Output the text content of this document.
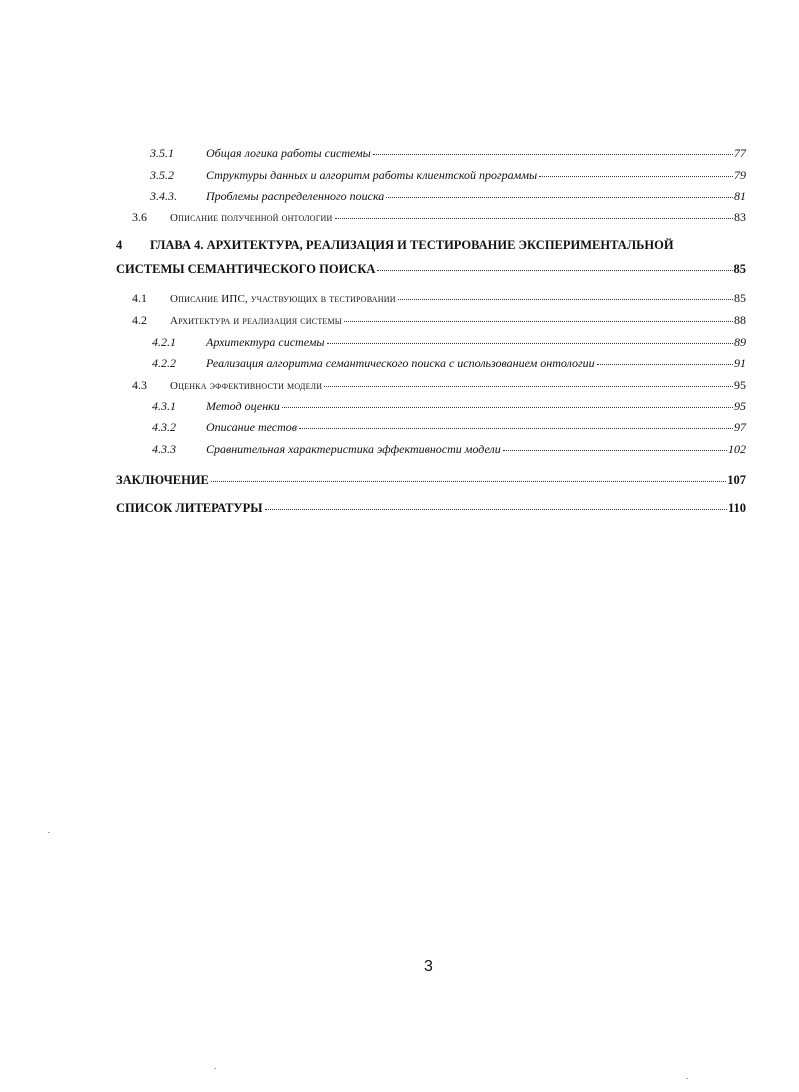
3.5.1	Общая логика работы системы	77
3.5.2	Структуры данных и алгоритм работы клиентской программы	79
3.4.3.	Проблемы распределенного поиска	81
3.6	Описание полученной онтологии	83
4 ГЛАВА 4. АРХИТЕКТУРА, РЕАЛИЗАЦИЯ И ТЕСТИРОВАНИЕ ЭКСПЕРИМЕНТАЛЬНОЙ
СИСТЕМЫ СЕМАНТИЧЕСКОГО ПОИСКА	85
4.1	Описание ИПС, участвующих в тестировании	85
4.2	Архитектура и реализация системы	88
4.2.1	Архитектура системы	89
4.2.2	Реализация алгоритма семантического поиска с использованием онтологии	91
4.3	Оценка эффективности модели	95
4.3.1	Метод оценки	95
4.3.2	Описание тестов	97
4.3.3	Сравнительная характеристика эффективности модели	102
ЗАКЛЮЧЕНИЕ	107
СПИСОК ЛИТЕРАТУРЫ	110
3
